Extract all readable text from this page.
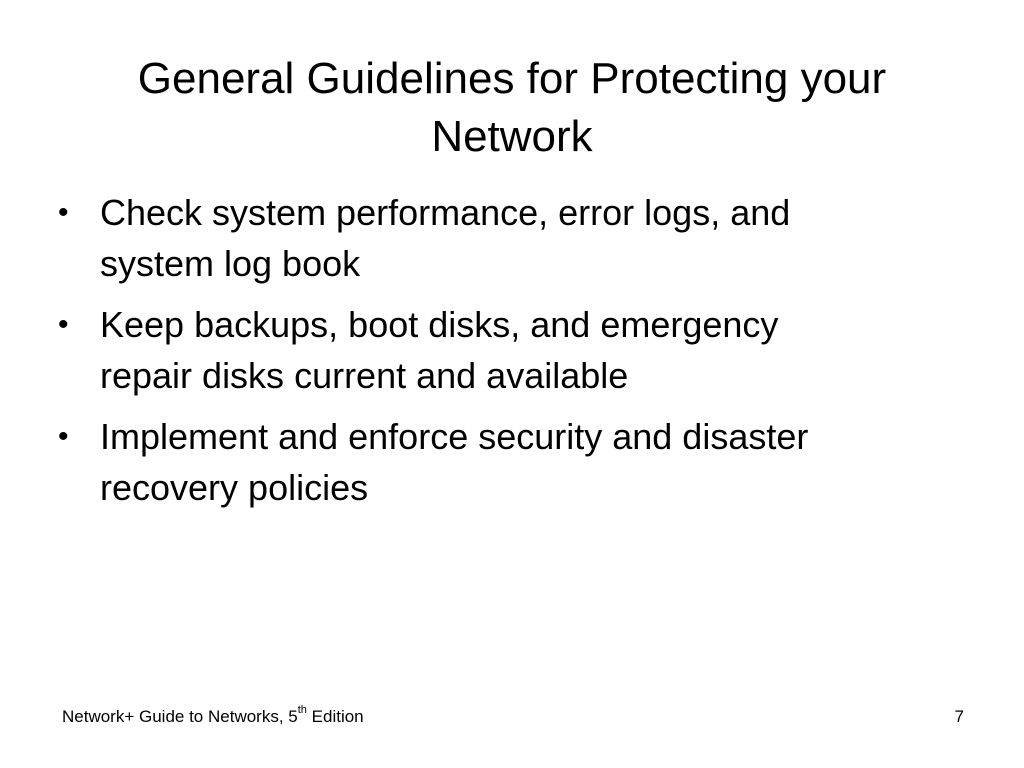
General Guidelines for Protecting your
Network
• Check system performance, error logs, and
system log book
• Keep backups, boot disks, and emergency
repair disks current and available
• Implement and enforce security and disaster
recovery policies
Network+ Guide to Networks, 5th Edition	7
